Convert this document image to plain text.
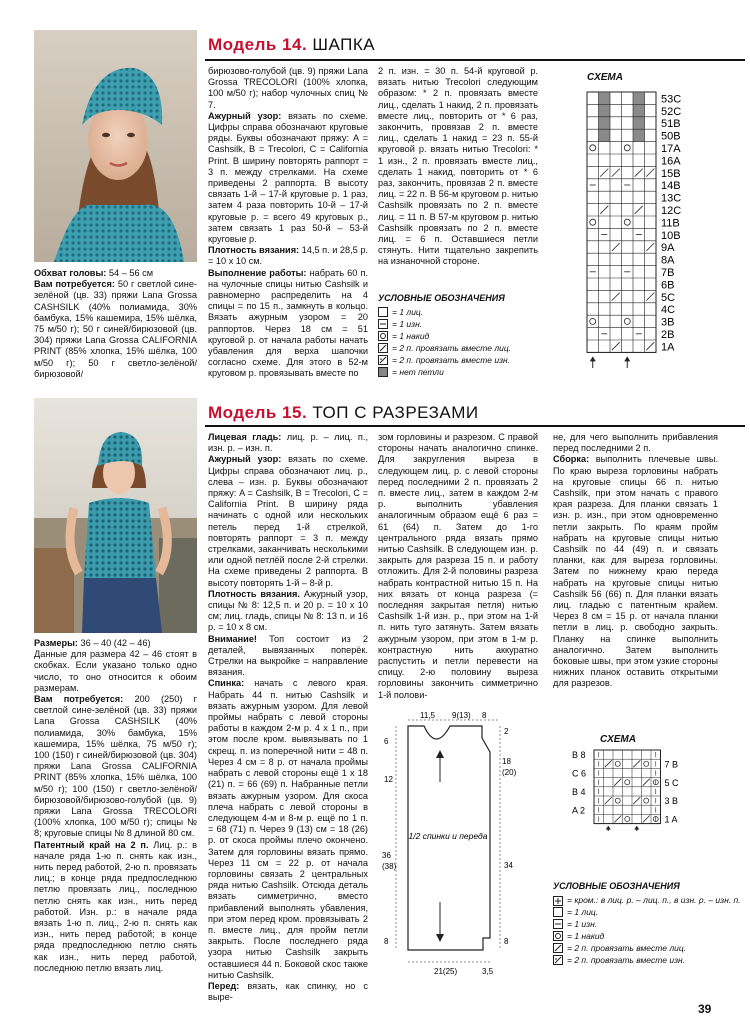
Модель 14. ШАПКА

Обхват головы: 54 – 56 см

Вам потребуется: 50 г светлой сине-зелёной (цв. 33) пряжи Lana Grossa CASHSILK (40% полиамида, 30% бамбука, 15% кашемира, 15% шёлка, 75 м/50 г); 50 г синей/бирюзовой (цв. 304) пряжи Lana Grossa CALIFORNIA PRINT (85% хлопка, 15% шёлка, 100 м/50 г); 50 г светло-зелёной/бирюзовой/

бирюзово-голубой (цв. 9) пряжи Lana Grossa TRECOLORI (100% хлопка, 100 м/50 г); набор чулочных спиц № 7.

Ажурный узор: вязать по схеме. Цифры справа обозначают круговые ряды. Буквы обозначают пряжу: A = Cashsilk, B = Trecolori, C = California Print. В ширину повторять раппорт = 3 п. между стрелками. На схеме приведены 2 раппорта. В высоту связать 1-й – 17-й круговые р. 1 раз, затем 4 раза повторить 10-й – 17-й круговые р. = всего 49 круговых р., затем связать 1 раз 50-й – 53-й круговые р.

Плотность вязания: 14,5 п. и 28,5 р. = 10 x 10 см.

Выполнение работы: набрать 60 п. на чулочные спицы нитью Cashsilk и равномерно распределить на 4 спицы = по 15 п., замкнуть в кольцо. Вязать ажурным узором = 20 раппортов. Через 18 см = 51 круговой р. от начала работы начать убавления для верха шапочки согласно схеме. Для этого в 52-м круговом р. провязывать вместе по

2 п. изн. = 30 п. 54-й круговой р. вязать нитью Trecolori следующим образом: * 2 п. провязать вместе лиц., сделать 1 накид, 2 п. провязать вместе лиц., повторить от * 6 раз, закончить, провязав 2 п. вместе лиц., сделать 1 накид = 23 п. 55-й круговой р. вязать нитью Trecolori: * 1 изн., 2 п. провязать вместе лиц., сделать 1 накид, повторить от * 6 раз, закончить, провязав 2 п. вместе лиц. = 22 п. В 56-м круговом р. нитью Cashsilk провязать по 2 п. вместе лиц. = 11 п. В 57-м круговом р. нитью Cashsilk провязать по 2 п. вместе лиц. = 6 п. Оставшиеся петли стянуть. Нити тщательно закрепить на изнаночной стороне.

УСЛОВНЫЕ ОБОЗНАЧЕНИЯ
= 1 лиц.
= 1 изн.
= 1 накид
= 2 п. провязать вместе лиц.
= 2 п. провязать вместе изн.
= нет петли
СХЕМА
53C
52C
51B
50B
17A
16A
15B
14B
13C
12C
11B
10B
9A
8A
7B
6B
5C
4C
3B
2B
1A
Модель 15. ТОП С РАЗРЕЗАМИ

Размеры: 36 – 40 (42 – 46)

Данные для размера 42 – 46 стоят в скобках. Если указано только одно число, то оно относится к обоим размерам.

Вам потребуется: 200 (250) г светлой сине-зелёной (цв. 33) пряжи Lana Grossa CASHSILK (40% полиамида, 30% бамбука, 15% кашемира, 15% шёлка, 75 м/50 г); 100 (150) г синей/бирюзовой (цв. 304) пряжи Lana Grossa CALIFORNIA PRINT (85% хлопка, 15% шёлка, 100 м/50 г); 100 (150) г светло-зелёной/бирюзовой/бирюзово-голубой (цв. 9) пряжи Lana Grossa TRECOLORI (100% хлопка, 100 м/50 г); спицы № 8; круговые спицы № 8 длиной 80 см.

Патентный край на 2 п. Лиц. р.: в начале ряда 1-ю п. снять как изн., нить перед работой, 2-ю п. провязать лиц.; в конце ряда предпоследнюю петлю провязать лиц., последнюю петлю снять как изн., нить перед работой. Изн. р.: в начале ряда вязать 1-ю п. лиц., 2-ю п. снять как изн., нить перед работой; в конце ряда предпоследнюю петлю снять как изн., нить перед работой, последнюю петлю вязать лиц.

Лицевая гладь: лиц. р. – лиц. п., изн. р. – изн. п.

Ажурный узор: вязать по схеме. Цифры справа обозначают лиц. р., слева – изн. р. Буквы обозначают пряжу: A = Cashsilk, B = Trecolori, C = California Print. В ширину ряда начинать с одной или нескольких петель перед 1-й стрелкой, повторять раппорт = 3 п. между стрелками, заканчивать несколькими или одной петлёй после 2-й стрелки. На схеме приведены 2 раппорта. В высоту повторять 1-й – 8-й р.

Плотность вязания. Ажурный узор, спицы № 8: 12,5 п. и 20 р. = 10 x 10 см; лиц. гладь, спицы № 8: 13 п. и 16 р. = 10 x 8 см.

Внимание! Топ состоит из 2 деталей, вывязанных поперёк. Стрелки на выкройке = направление вязания.

Спинка: начать с левого края. Набрать 44 п. нитью Cashsilk и вязать ажурным узором. Для левой проймы набрать с левой стороны работы в каждом 2-м р. 4 x 1 п., при этом после кром. вывязывать по 1 скрещ. п. из поперечной нити = 48 п. Через 4 см = 8 р. от начала проймы набрать с левой стороны ещё 1 x 18 (21) п. = 66 (69) п. Набранные петли вязать ажурным узором. Для скоса плеча набрать с левой стороны в следующем 4-м и 8-м р. ещё по 1 п. = 68 (71) п. Через 9 (13) см = 18 (26) р. от скоса проймы плечо окончено. Затем для горловины вязать прямо. Через 11 см = 22 р. от начала горловины связать 2 центральных ряда нитью Cashsilk. Отсюда деталь вязать симметрично, вместо прибавлений выполнять убавления, при этом перед кром. провязывать 2 п. вместе лиц., для пройм петли закрыть. После последнего ряда узора нитью Cashsilk закрыть оставшиеся 44 п. Боковой скос также нитью Cashsilk.

Перед: вязать, как спинку, но с выре-

зом горловины и разрезом. С правой стороны начать аналогично спинке. Для закругления выреза в следующем лиц. р. с левой стороны перед последними 2 п. провязать 2 п. вместе лиц., затем в каждом 2-м р. выполнить убавления аналогичным образом ещё 6 раз = 61 (64) п. Затем до 1-го центрального ряда вязать прямо нитью Cashsilk. В следующем изн. р. закрыть для разреза 15 п. и работу отложить. Для 2-й половины разреза набрать контрастной нитью 15 п. На них вязать от конца разреза (= последняя закрытая петля) нитью Cashsilk 1-й изн. р., при этом на 1-й п. нить туго затянуть. Затем вязать ажурным узором, при этом в 1-м р. контрастную нить аккуратно распустить и петли перевести на спицу. 2-ю половину выреза горловины закончить симметрично 1-й полови-

не, для чего выполнить прибавления перед последними 2 п.

Сборка: выполнить плечевые швы. По краю выреза горловины набрать на круговые спицы 66 п. нитью Cashsilk, при этом начать с правого края разреза. Для планки связать 1 изн. р. изн., при этом одновременно петли закрыть. По краям пройм набрать на круговые спицы нитью Cashsilk по 44 (49) п. и связать планки, как для выреза горловины. Затем по нижнему краю переда набрать на круговые спицы нитью Cashsilk 56 (66) п. Для планки вязать лиц. гладью с патентным крайем. Через 8 см = 15 р. от начала планки петли в лиц. р. свободно закрыть. Планку на спинке выполнить аналогично. Затем выполнить боковые швы, при этом узкие стороны нижних планок оставить открытыми для разрезов.

11,5 9(13) 8
2
6
12
18
(20)
36
(38)	34
1/2 спинки и переда
8	8
21(25)	3,5
СХЕМА
B 8
C 6
B 4
A 2
7 B
5 C
3 B
1 A
УСЛОВНЫЕ ОБОЗНАЧЕНИЯ
= кром.: в лиц. р. – лиц. п., в изн. р. – изн. п.
= 1 лиц.
= 1 изн.
= 1 накид
= 2 п. провязать вместе лиц.
= 2 п. провязать вместе изн.
39
